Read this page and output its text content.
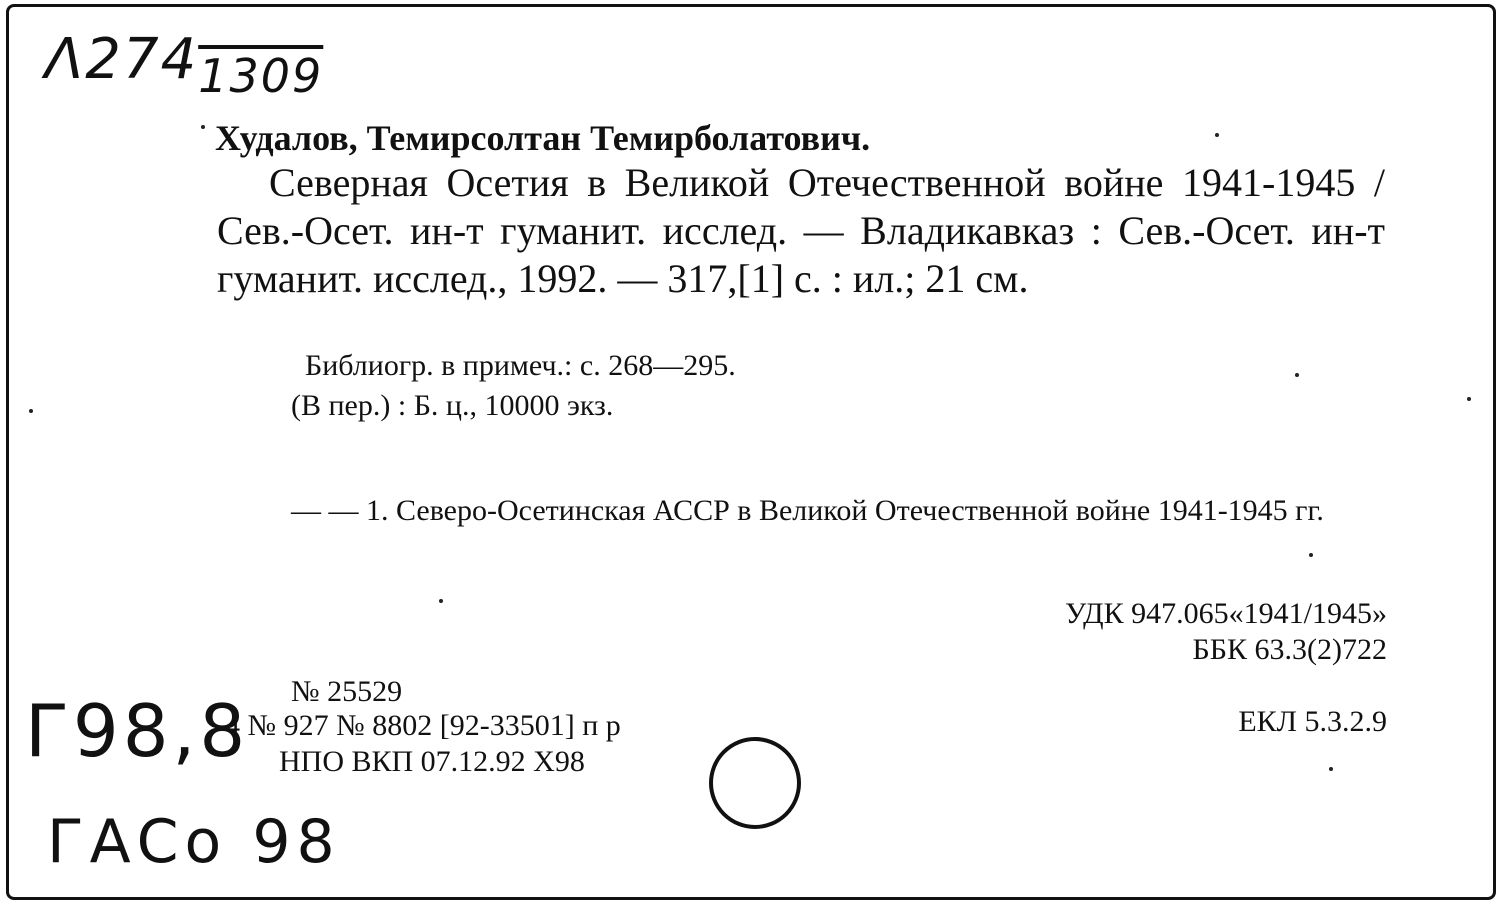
$\Lambda 274_{1309}$
Худалов, Темирсолтан Темирболатович.
Северная Осетия в Великой Отечественной войне 1941-1945 / Сев.-Осет. ин-т гуманит. исслед. — Владикавказ : Сев.-Осет. ин-т гуманит. исслед., 1992. — 317,[1] с. : ил.; 21 см.
Библиогр. в примеч.: с. 268—295.
(В пер.) : Б. ц., 10000 экз.
— — 1. Северо-Осетинская АССР в Великой Отечественной войне 1941-1945 гг.
УДК 947.065«1941/1945»
ББК 63.3(2)722
ЕКЛ 5.3.2.9
Г98,8 № 25529
4 № 927 № 8802 [92-33501] п р
НПО ВКП 07.12.92 Х98
ГАСо 98
